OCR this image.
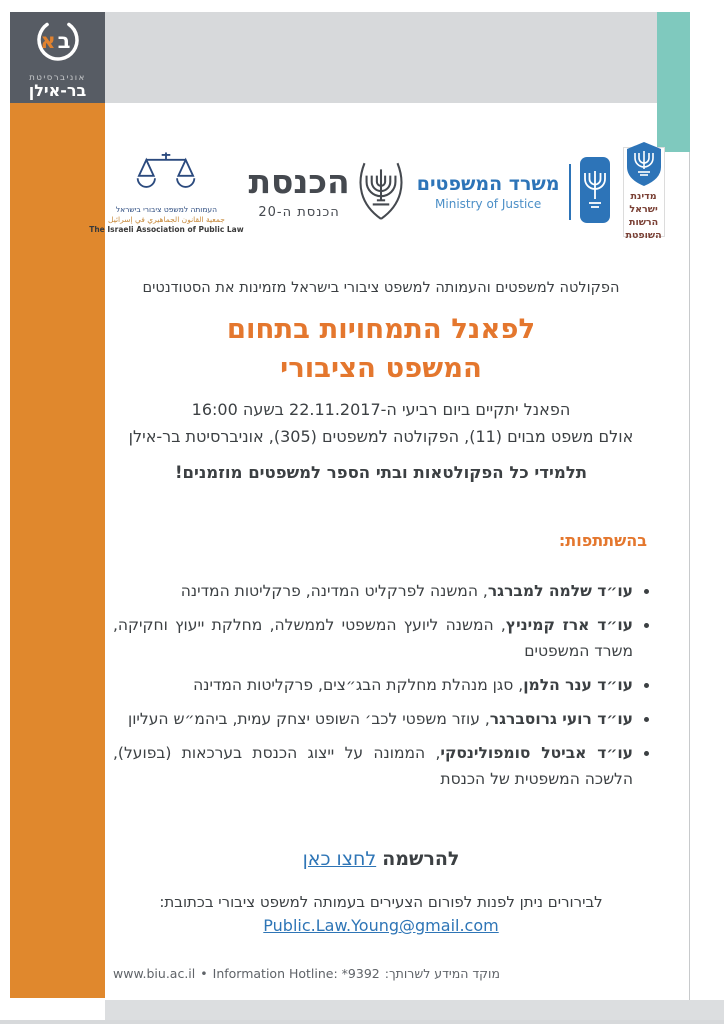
ב
א
אוניברסיטת
בר-אילן
העמותה למשפט ציבורי בישראל
جمعية القانون الجماهيري في إسرائيل
The Israeli Association of Public Law
הכנסת
הכנסת ה-20
משרד המשפטים
Ministry of Justice
מדינת ישראל
הרשות השופטת
הפקולטה למשפטים והעמותה למשפט ציבורי בישראל מזמינות את הסטודנטים
לפאנל התמחויות בתחום
המשפט הציבורי
הפאנל יתקיים ביום רביעי ה-22.11.2017 בשעה 16:00
אולם משפט מבוים (11), הפקולטה למשפטים (305), אוניברסיטת בר-אילן
תלמידי כל הפקולטאות ובתי הספר למשפטים מוזמנים!
בהשתתפות:
• עו״ד שלמה למברגר, המשנה לפרקליט המדינה, פרקליטות המדינה
• עו״ד ארז קמיניץ, המשנה ליועץ המשפטי לממשלה, מחלקת ייעוץ וחקיקה, משרד המשפטים
• עו״ד ענר הלמן, סגן מנהלת מחלקת הבג״צים, פרקליטות המדינה
• עו״ד רועי גרוסברגר, עוזר משפטי לכב׳ השופט יצחק עמית, ביהמ״ש העליון
• עו״ד אביטל סומפולינסקי, הממונה על ייצוג הכנסת בערכאות (בפועל), הלשכה המשפטית של הכנסת
להרשמה לחצו כאן
לבירורים ניתן לפנות לפורום הצעירים בעמותה למשפט ציבורי בכתובת:
Public.Law.Young@gmail.com
www.biu.ac.il • Information Hotline: *9392 מוקד המידע לשרותך:
